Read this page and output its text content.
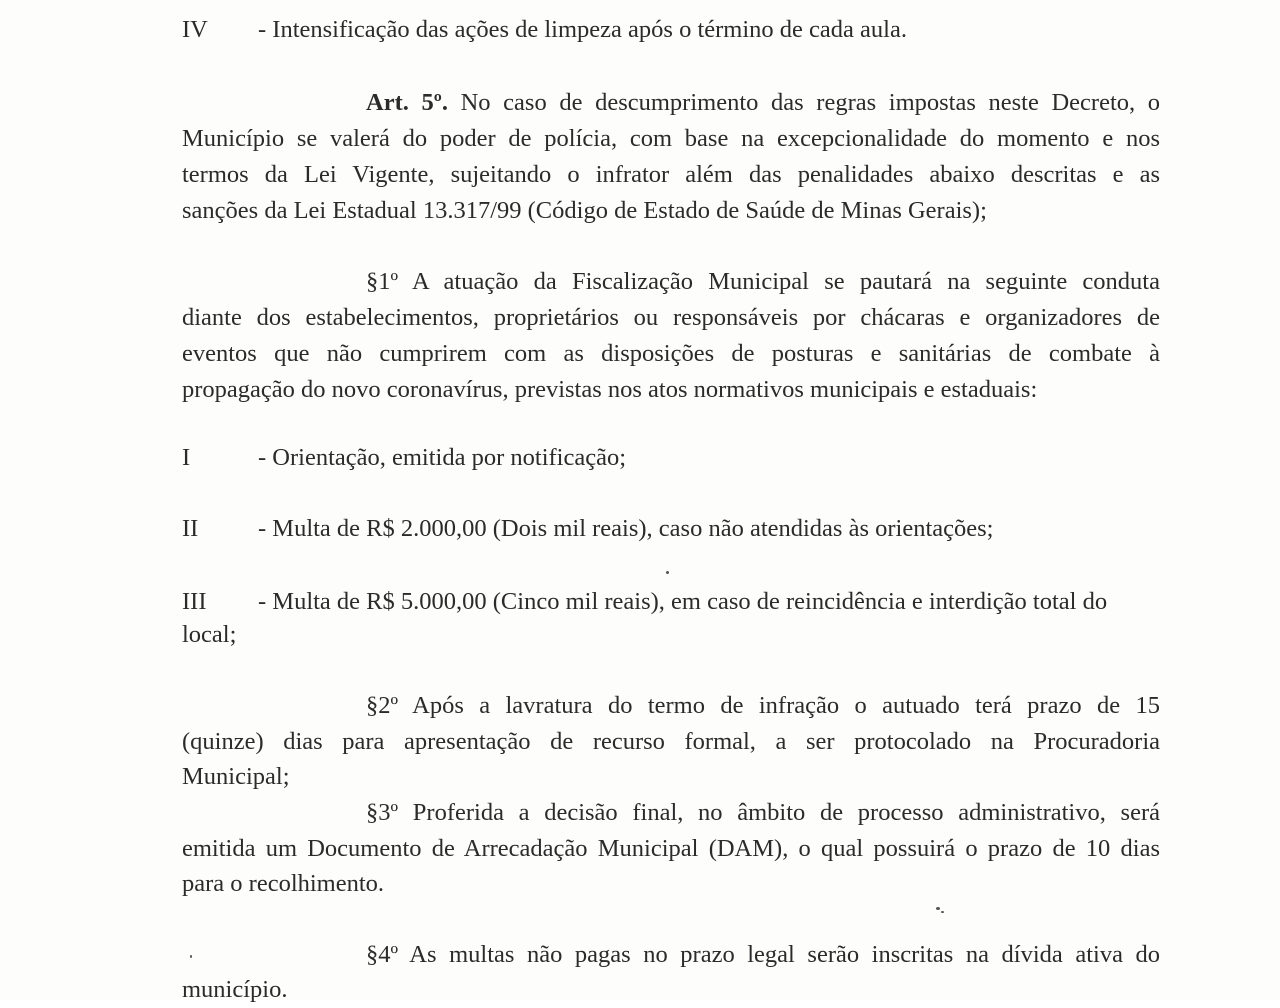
IV - Intensificação das ações de limpeza após o término de cada aula.

Art. 5º. No caso de descumprimento das regras impostas neste Decreto, o

Município se valerá do poder de polícia, com base na excepcionalidade do momento e nos

termos da Lei Vigente, sujeitando o infrator além das penalidades abaixo descritas e as

sanções da Lei Estadual 13.317/99 (Código de Estado de Saúde de Minas Gerais);

§1º A atuação da Fiscalização Municipal se pautará na seguinte conduta

diante dos estabelecimentos, proprietários ou responsáveis por chácaras e organizadores de

eventos que não cumprirem com as disposições de posturas e sanitárias de combate à

propagação do novo coronavírus, previstas nos atos normativos municipais e estaduais:

I	- Orientação, emitida por notificação;
II - Multa de R$ 2.000,00 (Dois mil reais), caso não atendidas às orientações;
III - Multa de R$ 5.000,00 (Cinco mil reais), em caso de reincidência e interdição total do

local;

§2º Após a lavratura do termo de infração o autuado terá prazo de 15

(quinze) dias para apresentação de recurso formal, a ser protocolado na Procuradoria

Municipal;

§3º Proferida a decisão final, no âmbito de processo administrativo, será

emitida um Documento de Arrecadação Municipal (DAM), o qual possuirá o prazo de 10 dias

para o recolhimento.

§4º As multas não pagas no prazo legal serão inscritas na dívida ativa do

município.
